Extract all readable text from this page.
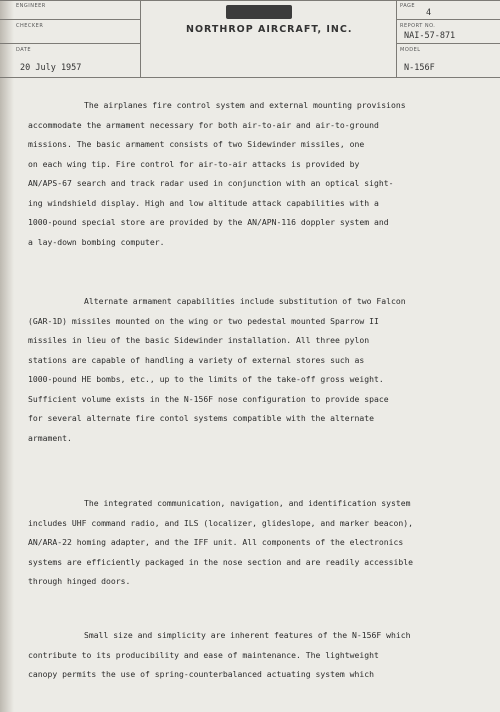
ENGINEER
CHECKER
DATE
20 July 1957
NORTHROP AIRCRAFT, INC.
PAGE
4
REPORT NO.
NAI-57-871
MODEL
N-156F
The airplanes fire control system and external mounting provisions
accommodate the armament necessary for both air-to-air and air-to-ground
missions. The basic armament consists of two Sidewinder missiles, one
on each wing tip. Fire control for air-to-air attacks is provided by
AN/APS-67 search and track radar used in conjunction with an optical sight-
ing windshield display. High and low altitude attack capabilities with a
1000-pound special store are provided by the AN/APN-116 doppler system and
a lay-down bombing computer.
Alternate armament capabilities include substitution of two Falcon
(GAR-1D) missiles mounted on the wing or two pedestal mounted Sparrow II
missiles in lieu of the basic Sidewinder installation. All three pylon
stations are capable of handling a variety of external stores such as
1000-pound HE bombs, etc., up to the limits of the take-off gross weight.
Sufficient volume exists in the N-156F nose configuration to provide space
for several alternate fire contol systems compatible with the alternate
armament.
The integrated communication, navigation, and identification system
includes UHF command radio, and ILS (localizer, glideslope, and marker beacon),
AN/ARA-22 homing adapter, and the IFF unit. All components of the electronics
systems are efficiently packaged in the nose section and are readily accessible
through hinged doors.
Small size and simplicity are inherent features of the N-156F which
contribute to its producibility and ease of maintenance. The lightweight
canopy permits the use of spring-counterbalanced actuating system which
